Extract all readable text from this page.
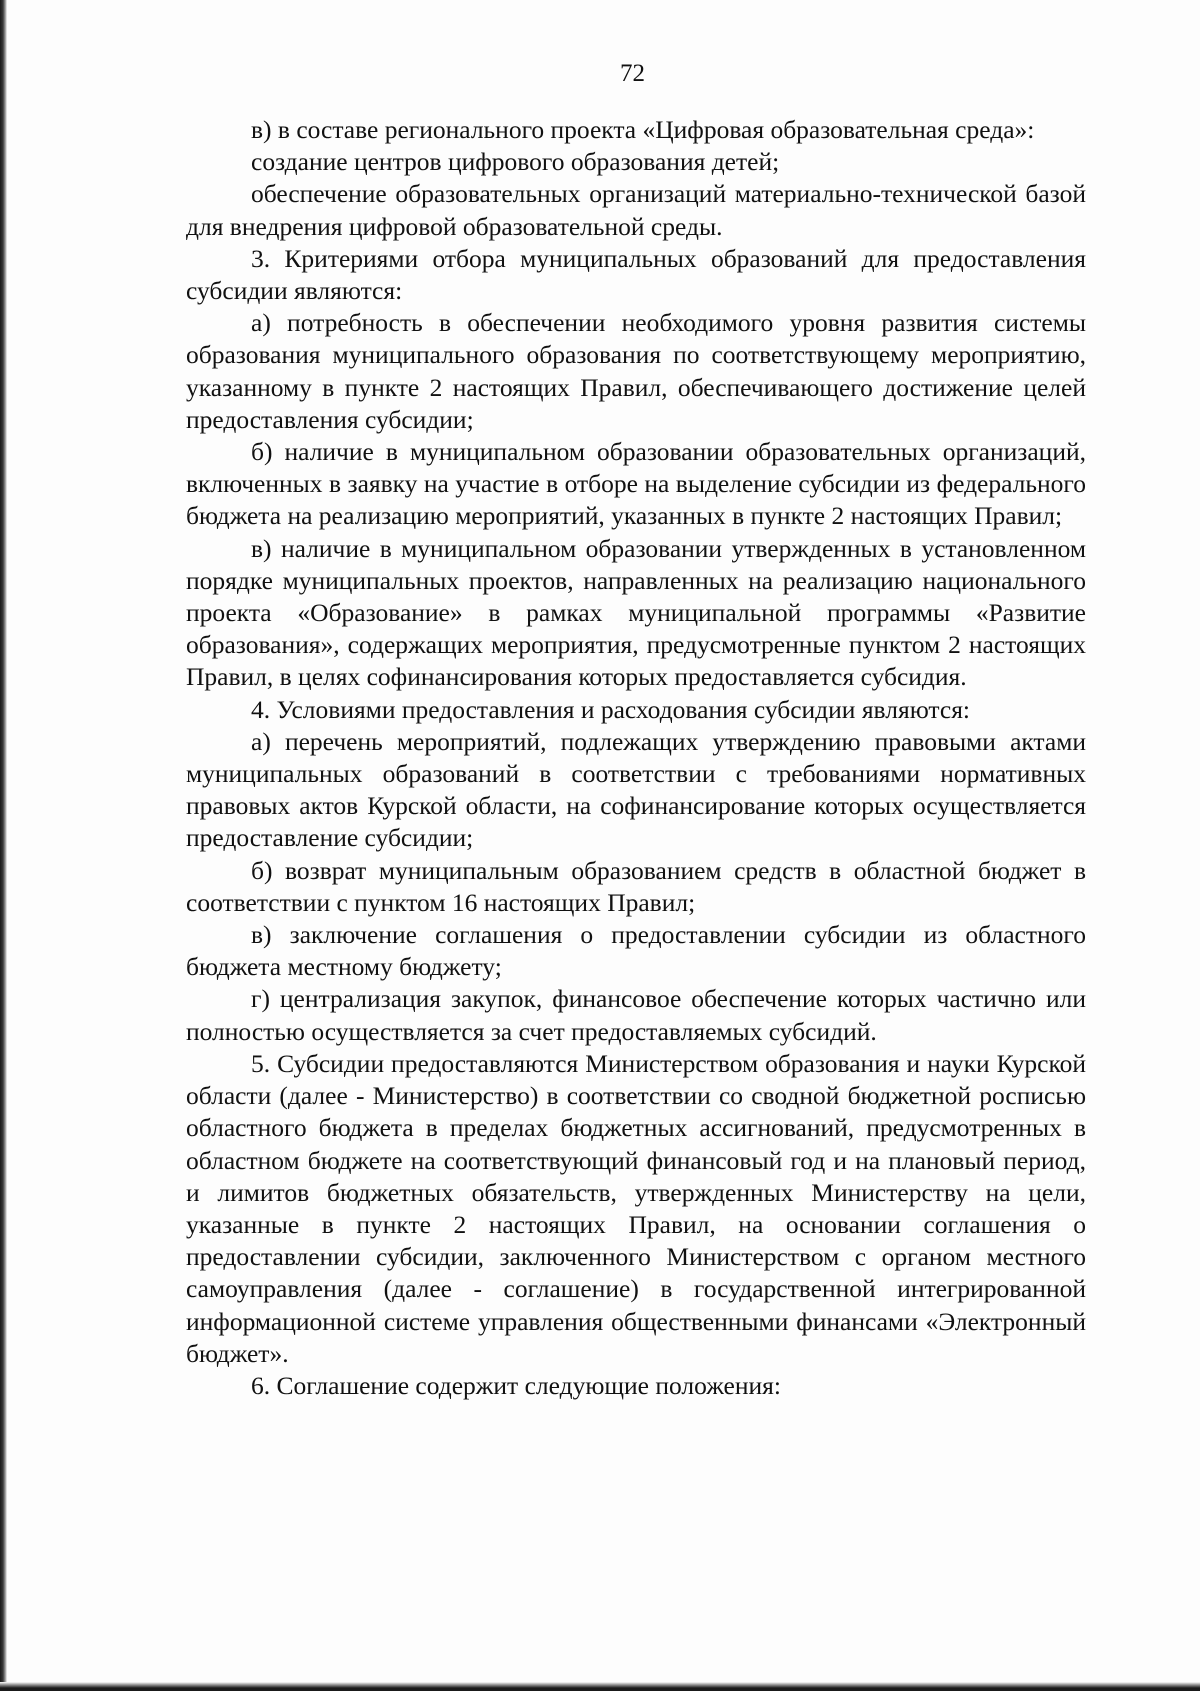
72

в) в составе регионального проекта «Цифровая образовательная среда»:

создание центров цифрового образования детей;

обеспечение образовательных организаций материально-технической базой для внедрения цифровой образовательной среды.

3. Критериями отбора муниципальных образований для предоставления субсидии являются:

а) потребность в обеспечении необходимого уровня развития системы образования муниципального образования по соответствующему мероприятию, указанному в пункте 2 настоящих Правил, обеспечивающего достижение целей предоставления субсидии;

б) наличие в муниципальном образовании образовательных организаций, включенных в заявку на участие в отборе на выделение субсидии из федерального бюджета на реализацию мероприятий, указанных в пункте 2 настоящих Правил;

в) наличие в муниципальном образовании утвержденных в установленном порядке муниципальных проектов, направленных на реализацию национального проекта «Образование» в рамках муниципальной программы «Развитие образования», содержащих мероприятия, предусмотренные пунктом 2 настоящих Правил, в целях софинансирования которых предоставляется субсидия.

4. Условиями предоставления и расходования субсидии являются:

а) перечень мероприятий, подлежащих утверждению правовыми актами муниципальных образований в соответствии с требованиями нормативных правовых актов Курской области, на софинансирование которых осуществляется предоставление субсидии;

б) возврат муниципальным образованием средств в областной бюджет в соответствии с пунктом 16 настоящих Правил;

в) заключение соглашения о предоставлении субсидии из областного бюджета местному бюджету;

г) централизация закупок, финансовое обеспечение которых частично или полностью осуществляется за счет предоставляемых субсидий.

5. Субсидии предоставляются Министерством образования и науки Курской области (далее - Министерство) в соответствии со сводной бюджетной росписью областного бюджета в пределах бюджетных ассигнований, предусмотренных в областном бюджете на соответствующий финансовый год и на плановый период, и лимитов бюджетных обязательств, утвержденных Министерству на цели, указанные в пункте 2 настоящих Правил, на основании соглашения о предоставлении субсидии, заключенного Министерством с органом местного самоуправления (далее - соглашение) в государственной интегрированной информационной системе управления общественными финансами «Электронный бюджет».

6. Соглашение содержит следующие положения:
